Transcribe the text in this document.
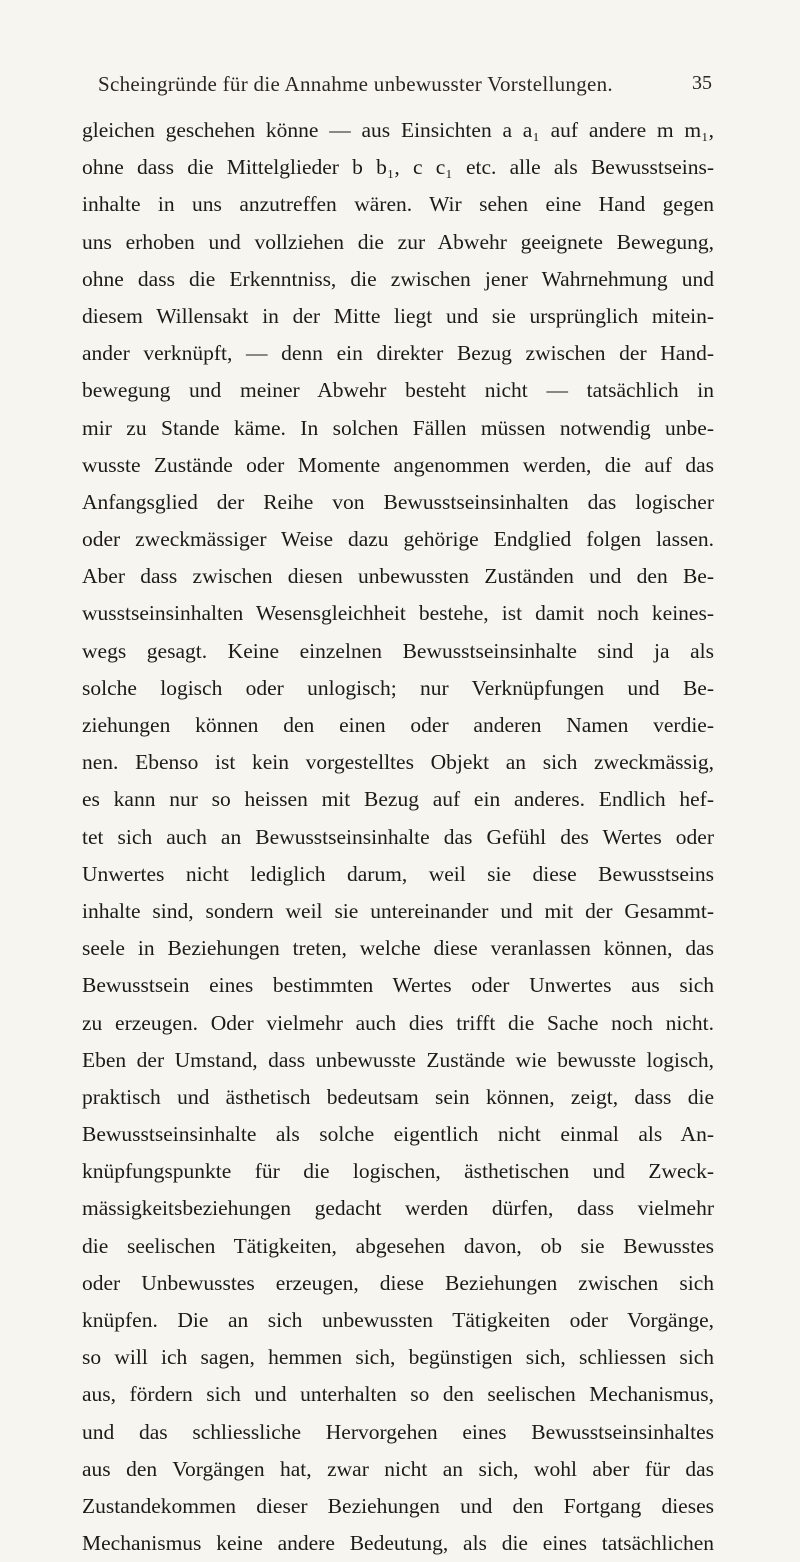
Scheingründe für die Annahme unbewusster Vorstellungen.	35
gleichen geschehen könne — aus Einsichten a a₁ auf andere m m₁,
ohne dass die Mittelglieder b b₁, c c₁ etc. alle als Bewusstseins-
inhalte in uns anzutreffen wären. Wir sehen eine Hand gegen
uns erhoben und vollziehen die zur Abwehr geeignete Bewegung,
ohne dass die Erkenntniss, die zwischen jener Wahrnehmung und
diesem Willensakt in der Mitte liegt und sie ursprünglich mitein-
ander verknüpft, — denn ein direkter Bezug zwischen der Hand-
bewegung und meiner Abwehr besteht nicht — tatsächlich in
mir zu Stande käme. In solchen Fällen müssen notwendig unbe-
wusste Zustände oder Momente angenommen werden, die auf das
Anfangsglied der Reihe von Bewusstseinsinhalten das logischer
oder zweckmässiger Weise dazu gehörige Endglied folgen lassen.
Aber dass zwischen diesen unbewussten Zuständen und den Be-
wusstseinsinhalten Wesensgleichheit bestehe, ist damit noch keines-
wegs gesagt. Keine einzelnen Bewusstseinsinhalte sind ja als
solche logisch oder unlogisch; nur Verknüpfungen und Be-
ziehungen können den einen oder anderen Namen verdie-
nen. Ebenso ist kein vorgestelltes Objekt an sich zweckmässig,
es kann nur so heissen mit Bezug auf ein anderes. Endlich hef-
tet sich auch an Bewusstseinsinhalte das Gefühl des Wertes oder
Unwertes nicht lediglich darum, weil sie diese Bewusstseins
inhalte sind, sondern weil sie untereinander und mit der Gesammt-
seele in Beziehungen treten, welche diese veranlassen können, das
Bewusstsein eines bestimmten Wertes oder Unwertes aus sich
zu erzeugen. Oder vielmehr auch dies trifft die Sache noch nicht.
Eben der Umstand, dass unbewusste Zustände wie bewusste logisch,
praktisch und ästhetisch bedeutsam sein können, zeigt, dass die
Bewusstseinsinhalte als solche eigentlich nicht einmal als An-
knüpfungspunkte für die logischen, ästhetischen und Zweck-
mässigkeitsbeziehungen gedacht werden dürfen, dass vielmehr
die seelischen Tätigkeiten, abgesehen davon, ob sie Bewusstes
oder Unbewusstes erzeugen, diese Beziehungen zwischen sich
knüpfen. Die an sich unbewussten Tätigkeiten oder Vorgänge,
so will ich sagen, hemmen sich, begünstigen sich, schliessen sich
aus, fördern sich und unterhalten so den seelischen Mechanismus,
und das schliessliche Hervorgehen eines Bewusstseinsinhaltes
aus den Vorgängen hat, zwar nicht an sich, wohl aber für das
Zustandekommen dieser Beziehungen und den Fortgang dieses
Mechanismus keine andere Bedeutung, als die eines tatsächlichen
